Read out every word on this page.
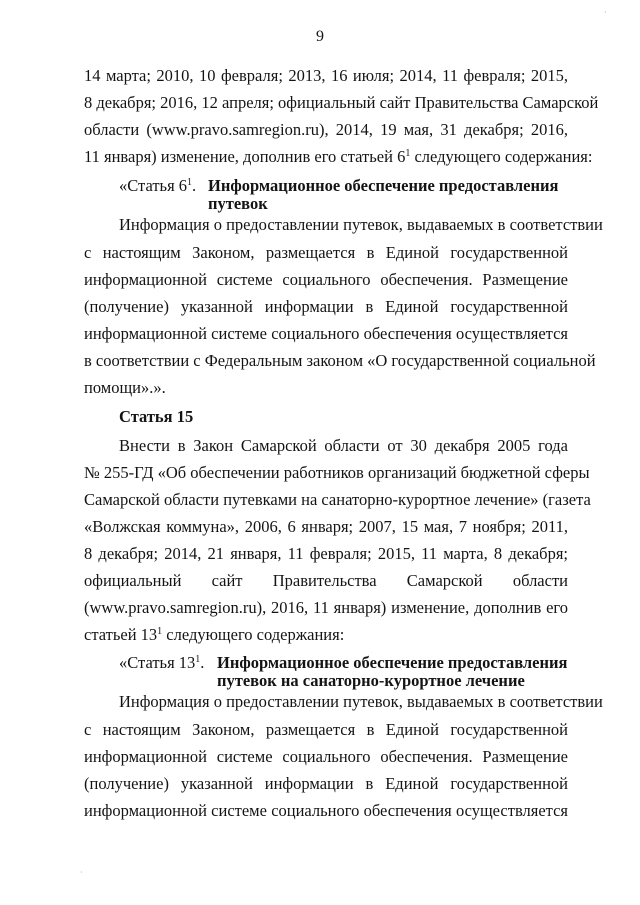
9
14 марта; 2010, 10 февраля; 2013, 16 июля; 2014, 11 февраля; 2015,
8 декабря; 2016, 12 апреля; официальный сайт Правительства Самарской
области (www.pravo.samregion.ru), 2014, 19 мая, 31 декабря; 2016,
11 января) изменение, дополнив его статьей $6^1$ следующего содержания:
«Статья $6^1$. Информационное обеспечение предоставления
путевок
Информация о предоставлении путевок, выдаваемых в соответствии
с настоящим Законом, размещается в Единой государственной
информационной системе социального обеспечения. Размещение
(получение) указанной информации в Единой государственной
информационной системе социального обеспечения осуществляется
в соответствии с Федеральным законом «О государственной социальной
помощи».».
Статья 15
Внести в Закон Самарской области от 30 декабря 2005 года
№ 255-ГД «Об обеспечении работников организаций бюджетной сферы
Самарской области путевками на санаторно-курортное лечение» (газета
«Волжская коммуна», 2006, 6 января; 2007, 15 мая, 7 ноября; 2011,
8 декабря; 2014, 21 января, 11 февраля; 2015, 11 марта, 8 декабря;
официальный сайт Правительства Самарской области
(www.pravo.samregion.ru), 2016, 11 января) изменение, дополнив его
статьей $13^1$ следующего содержания:
«Статья $13^1$. Информационное обеспечение предоставления
путевок на санаторно-курортное лечение
Информация о предоставлении путевок, выдаваемых в соответствии
с настоящим Законом, размещается в Единой государственной
информационной системе социального обеспечения. Размещение
(получение) указанной информации в Единой государственной
информационной системе социального обеспечения осуществляется
·
·
